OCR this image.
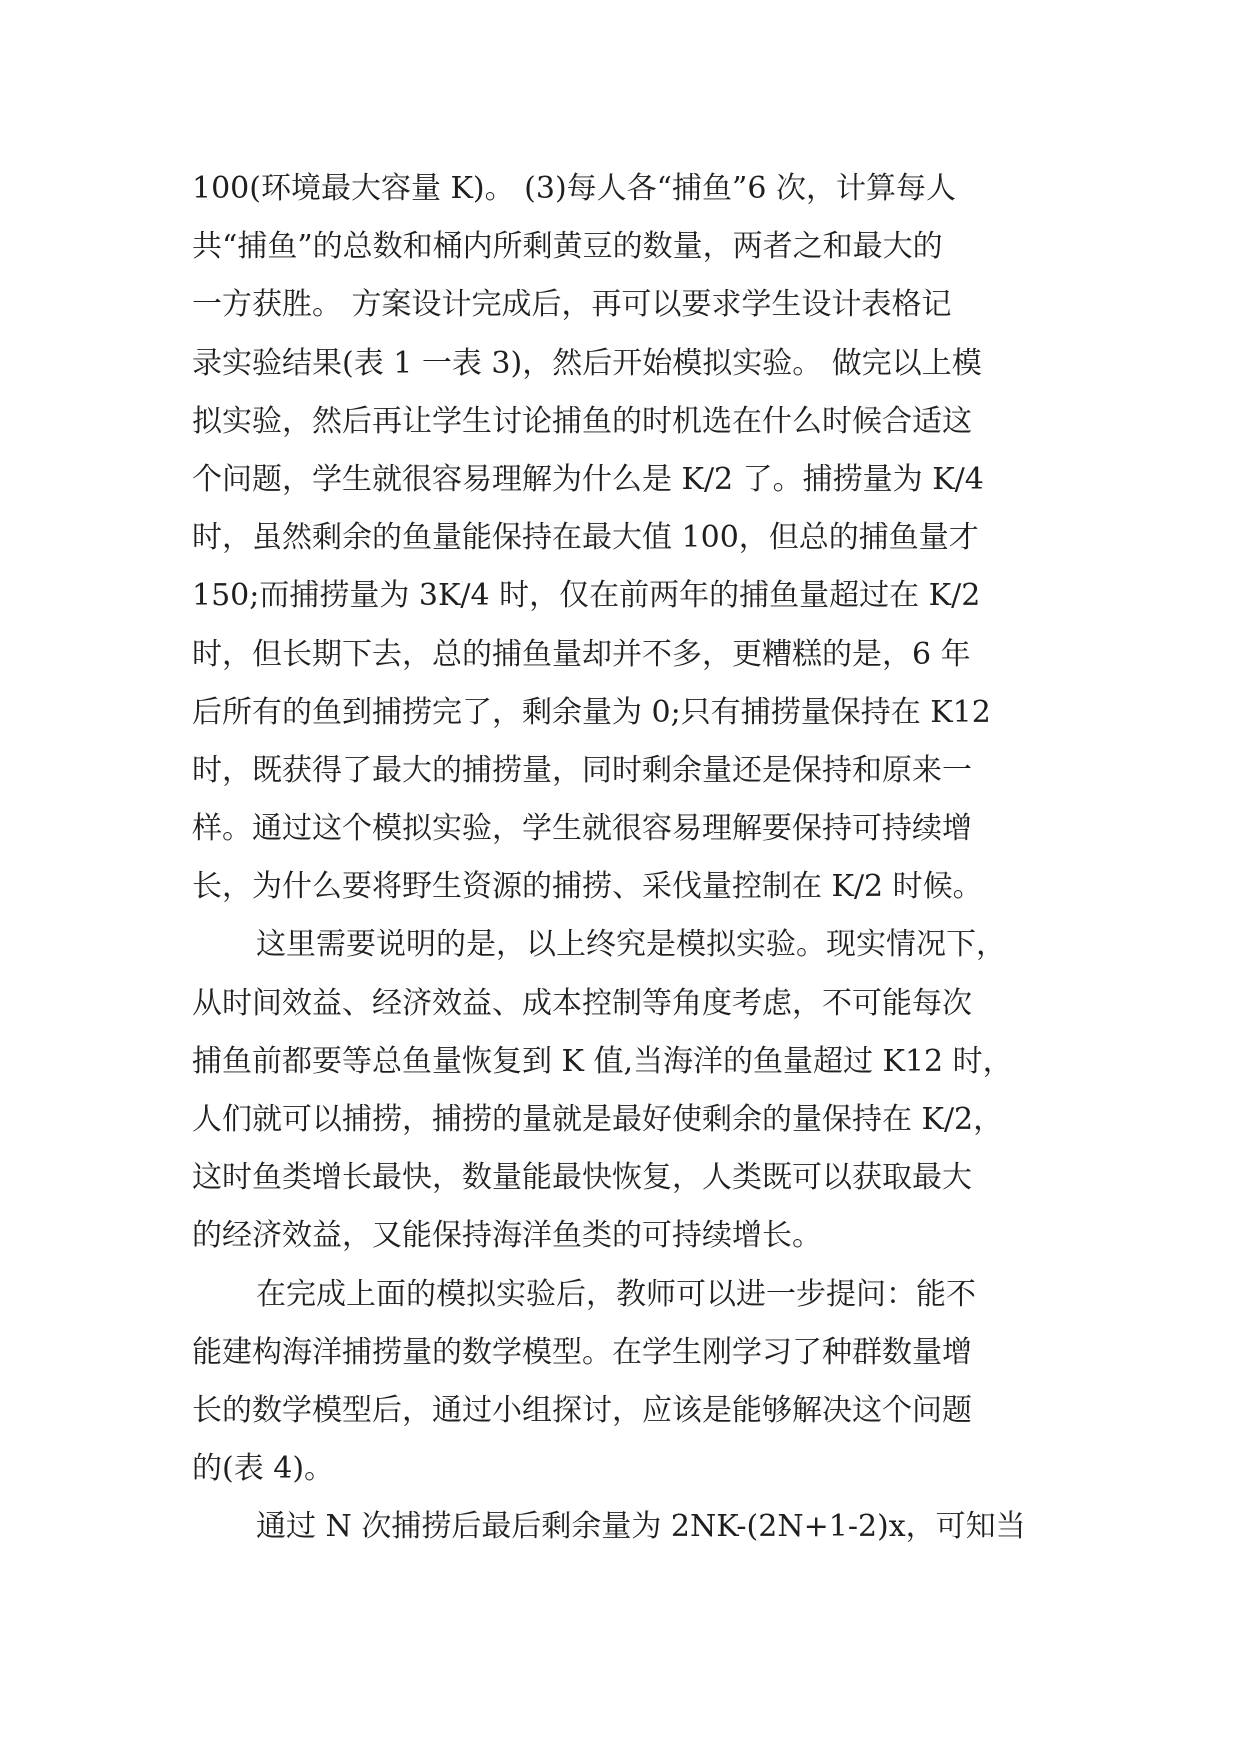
100(环境最大容量 K)。 (3)每人各“捕鱼”6 次，计算每人
共“捕鱼”的总数和桶内所剩黄豆的数量，两者之和最大的
一方获胜。 方案设计完成后，再可以要求学生设计表格记
录实验结果(表 1 一表 3)，然后开始模拟实验。 做完以上模
拟实验，然后再让学生讨论捕鱼的时机选在什么时候合适这
个问题，学生就很容易理解为什么是 K/2 了。捕捞量为 K/4
时，虽然剩余的鱼量能保持在最大值 100，但总的捕鱼量才
150;而捕捞量为 3K/4 时，仅在前两年的捕鱼量超过在 K/2
时，但长期下去，总的捕鱼量却并不多，更糟糕的是，6 年
后所有的鱼到捕捞完了，剩余量为 0;只有捕捞量保持在 K12
时，既获得了最大的捕捞量，同时剩余量还是保持和原来一
样。通过这个模拟实验，学生就很容易理解要保持可持续增
长，为什么要将野生资源的捕捞、采伐量控制在 K/2 时候。
这里需要说明的是，以上终究是模拟实验。现实情况下，
从时间效益、经济效益、成本控制等角度考虑，不可能每次
捕鱼前都要等总鱼量恢复到 K 值,当海洋的鱼量超过 K12 时，
人们就可以捕捞，捕捞的量就是最好使剩余的量保持在 K/2，
这时鱼类增长最快，数量能最快恢复，人类既可以获取最大
的经济效益，又能保持海洋鱼类的可持续增长。
在完成上面的模拟实验后，教师可以进一步提问：能不
能建构海洋捕捞量的数学模型。在学生刚学习了种群数量增
长的数学模型后，通过小组探讨，应该是能够解决这个问题
的(表 4)。
通过 N 次捕捞后最后剩余量为 2NK-(2N+1-2)x，可知当
